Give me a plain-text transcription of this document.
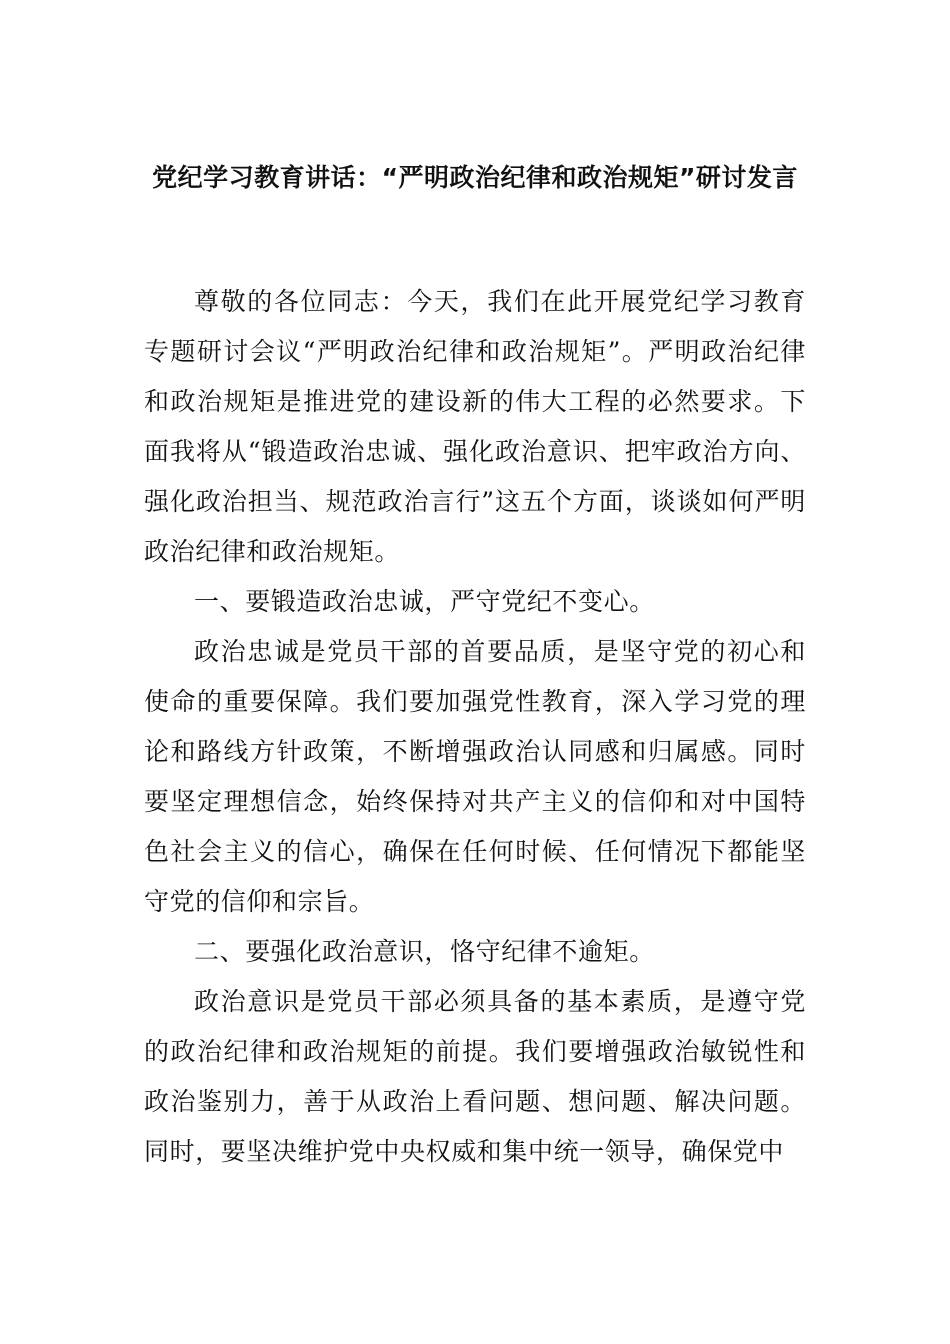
党纪学习教育讲话：“严明政治纪律和政治规矩”研讨发言

尊敬的各位同志：今天，我们在此开展党纪学习教育专题研讨会议“严明政治纪律和政治规矩”。严明政治纪律和政治规矩是推进党的建设新的伟大工程的必然要求。下面我将从“锻造政治忠诚、强化政治意识、把牢政治方向、强化政治担当、规范政治言行”这五个方面，谈谈如何严明政治纪律和政治规矩。

一、要锻造政治忠诚，严守党纪不变心。

政治忠诚是党员干部的首要品质，是坚守党的初心和使命的重要保障。我们要加强党性教育，深入学习党的理论和路线方针政策，不断增强政治认同感和归属感。同时要坚定理想信念，始终保持对共产主义的信仰和对中国特色社会主义的信心，确保在任何时候、任何情况下都能坚守党的信仰和宗旨。

二、要强化政治意识，恪守纪律不逾矩。

政治意识是党员干部必须具备的基本素质，是遵守党的政治纪律和政治规矩的前提。我们要增强政治敏锐性和政治鉴别力，善于从政治上看问题、想问题、解决问题。同时，要坚决维护党中央权威和集中统一领导，确保党中
